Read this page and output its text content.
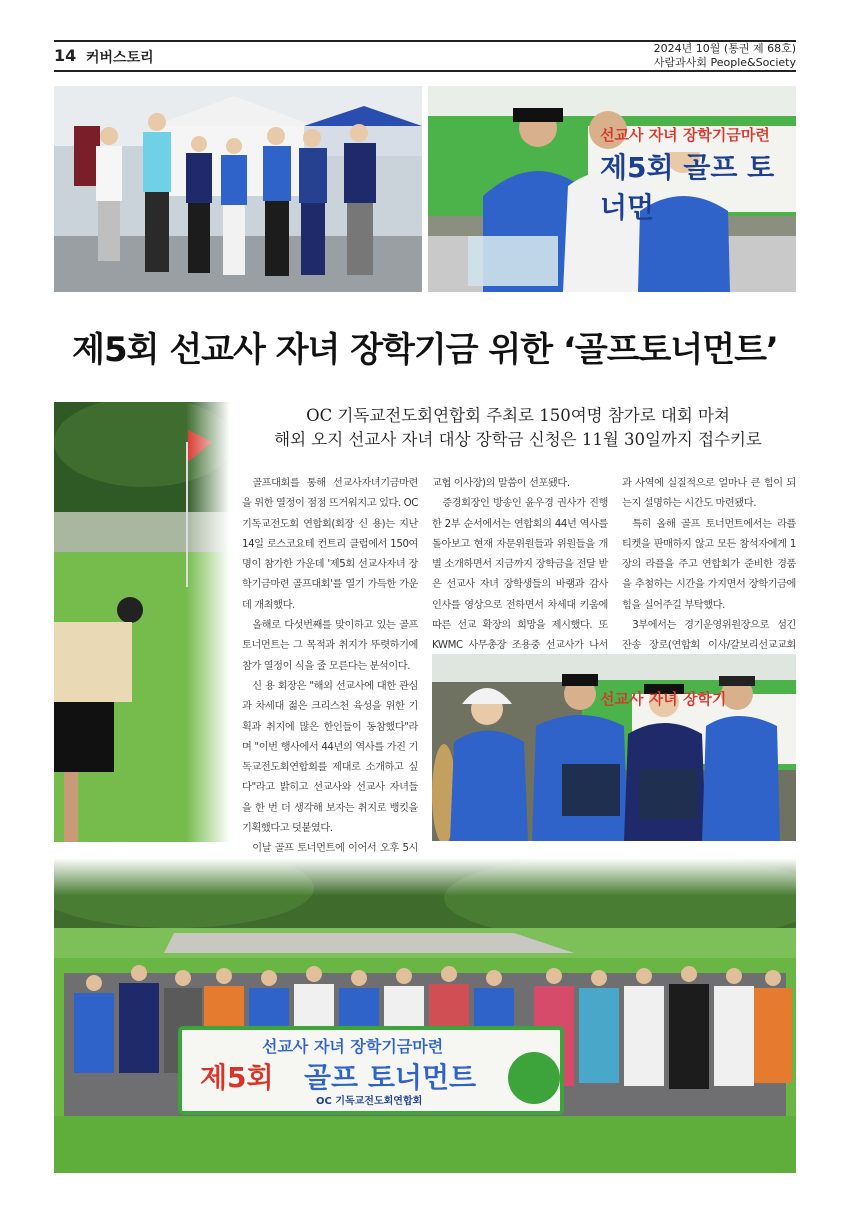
14 커버스토리
2024년 10월 (통권 제 68호)
사람과사회 People&Society
선교사 자녀 장학기금마련
제5회 골프 토너먼
제5회 선교사 자녀 장학기금 위한 ‘골프토너먼트’
OC 기독교전도회연합회 주최로 150여명 참가로 대회 마쳐
해외 오지 선교사 자녀 대상 장학금 신청은 11월 30일까지 접수키로

골프대회를 통해 선교사자녀기금마련을 위한 열정이 점점 뜨거워지고 있다. OC기독교전도회 연합회(회장 신 용)는 지난 14일 로스코요테 컨트리 클럽에서 150여 명이 참가한 가운데 '제5회 선교사자녀 장학기금마련 골프대회'를 열기 가득한 가운데 개최했다.

올해로 다섯번째를 맞이하고 있는 골프토너먼트는 그 목적과 취지가 뚜렷하기에 참가 열정이 식을 줄 모른다는 분석이다.

신 용 회장은 "해외 선교사에 대한 관심과 차세대 젊은 크리스천 육성을 위한 기획과 취지에 많은 한인들이 동참했다"라며 "이번 행사에서 44년의 역사를 가진 기독교전도회연합회를 제대로 소개하고 싶다"라고 밝히고 선교사와 선교사 자녀들을 한 번 더 생각해 보자는 취지로 뱅킷을 기획했다고 덧붙였다.

이날 골프 토너먼트에 이어서 오후 5시

교협 이사장)의 말씀이 선포됐다.

증경회장인 방송인 윤우경 권사가 진행한 2부 순서에서는 연합회의 44년 역사를 돌아보고 현재 자문위원들과 위원들을 개별 소개하면서 지금까지 장학금을 전달 받은 선교사 자녀 장학생들의 바램과 감사 인사를 영상으로 전하면서 차세대 키움에 따른 선교 확장의 희망을 제시했다. 또 KWMC 사무총장 조용중 선교사가 나서

과 사역에 실질적으로 얼마나 큰 힘이 되는지 설명하는 시간도 마련됐다.

특히 올해 골프 토너먼트에서는 라플 티켓을 판매하지 않고 모든 참석자에게 1장의 라플을 주고 연합회가 준비한 경품을 추첨하는 시간을 가지면서 장학기금에 힘을 실어주길 부탁했다.

3부에서는 경기운영위원장으로 섬긴 잔송 장로(연합회 이사/갈보리선교교회

선교사 자녀 장학기
선교사 자녀 장학기금마련
제5회 골프 토너먼트
OC 기독교전도회연합회
